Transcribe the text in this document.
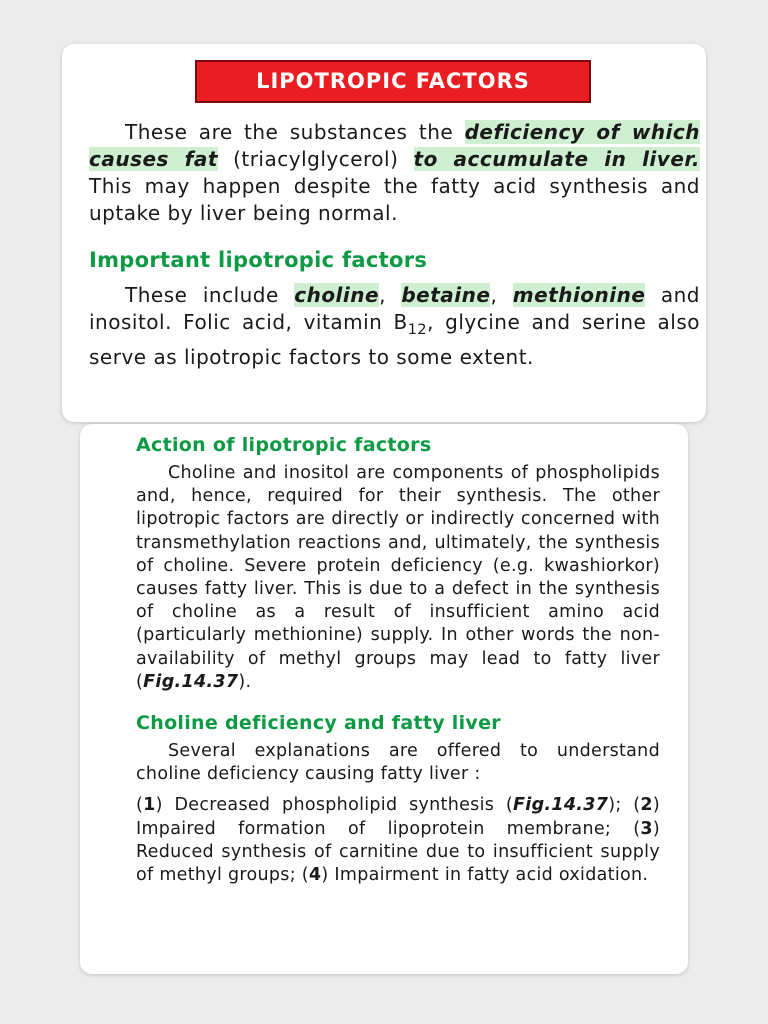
LIPOTROPIC FACTORS

These are the substances the deficiency of which causes fat (triacylglycerol) to accumulate in liver. This may happen despite the fatty acid synthesis and uptake by liver being normal.

Important lipotropic factors

These include choline, betaine, methionine and inositol. Folic acid, vitamin $B_{12}$, glycine and serine also serve as lipotropic factors to some extent.

Action of lipotropic factors

Choline and inositol are components of phospholipids and, hence, required for their synthesis. The other lipotropic factors are directly or indirectly concerned with transmethylation reactions and, ultimately, the synthesis of choline. Severe protein deficiency (e.g. kwashiorkor) causes fatty liver. This is due to a defect in the synthesis of choline as a result of insufficient amino acid (particularly methionine) supply. In other words the non-availability of methyl groups may lead to fatty liver (Fig.14.37).

Choline deficiency and fatty liver

Several explanations are offered to understand choline deficiency causing fatty liver :

(1) Decreased phospholipid synthesis (Fig.14.37); (2) Impaired formation of lipoprotein membrane; (3) Reduced synthesis of carnitine due to insufficient supply of methyl groups; (4) Impairment in fatty acid oxidation.
